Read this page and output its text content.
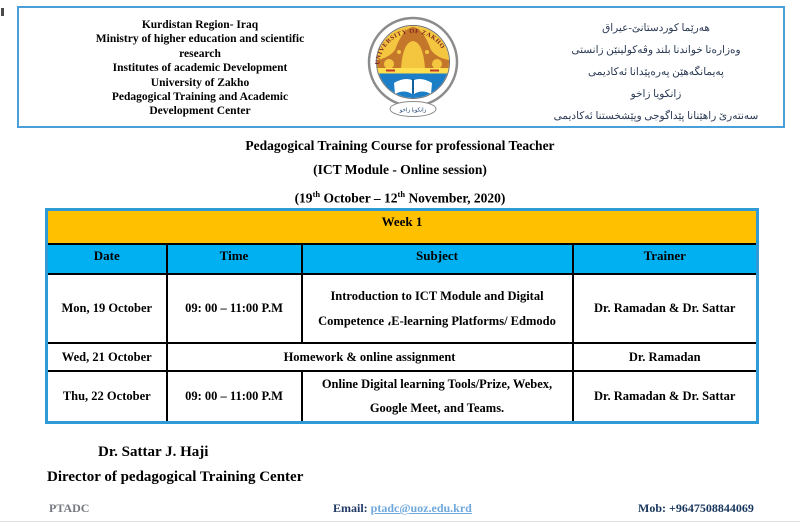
Kurdistan Region- Iraq
Ministry of higher education and scientific
research
Institutes of academic Development
University of Zakho
Pedagogical Training and Academic
Development Center
UNIVERSITY OF ZAKHO
زانكويا زاخو
هەرێما کوردستانێ-عیراق
وەزارەتا خواندنا بلند وڤەکولینێن زانستی
پەیمانگەهێن پەرەپێدانا ئەکادیمی
زانکویا زاخو
سەنتەرێ راهێنانا پێداگوجی وپێشخستنا ئەکادیمی
Pedagogical Training Course for professional Teacher
(ICT Module - Online session)
(19th October – 12th November, 2020)
Week 1			
Date	Time	Subject	Trainer
Mon, 19 October	09: 00 – 11:00 P.M	Introduction to ICT Module and Digital Competence ،E-learning Platforms/ Edmodo	Dr. Ramadan & Dr. Sattar
Wed, 21 October	Homework & online assignment		Dr. Ramadan
Thu, 22 October	09: 00 – 11:00 P.M	Online Digital learning Tools/Prize, Webex, Google Meet, and Teams.	Dr. Ramadan & Dr. Sattar
Dr. Sattar J. Haji
Director of pedagogical Training Center
PTADC	Email: ptadc@uoz.edu.krd	Mob: +9647508844069
